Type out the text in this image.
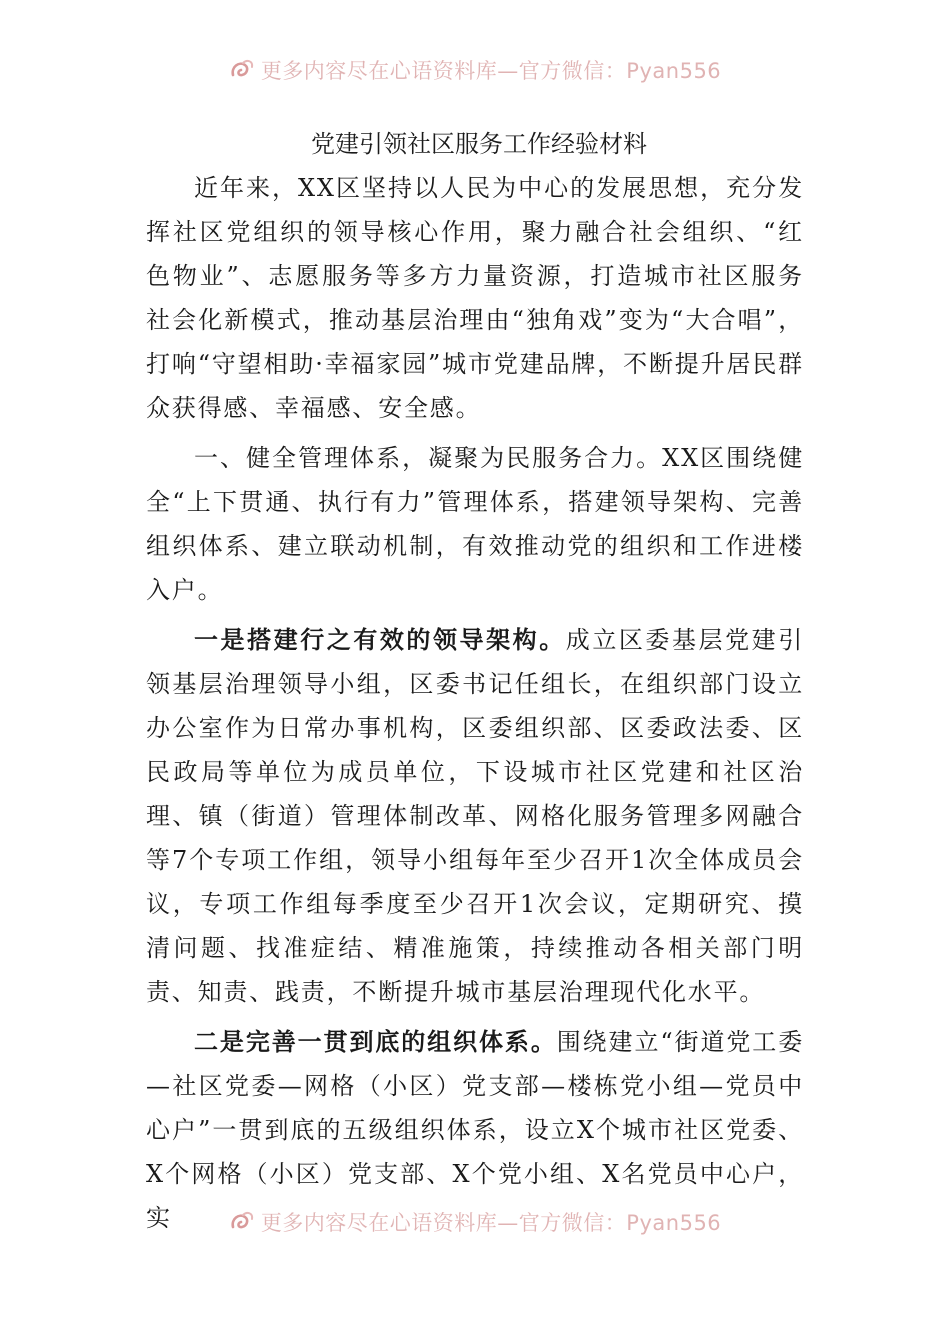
更多内容尽在心语资料库—官方微信：Pyan556
党建引领社区服务工作经验材料

近年来，XX区坚持以人民为中心的发展思想，充分发挥社区党组织的领导核心作用，聚力融合社会组织、“红色物业”、志愿服务等多方力量资源，打造城市社区服务社会化新模式，推动基层治理由“独角戏”变为“大合唱”，打响“守望相助·幸福家园”城市党建品牌，不断提升居民群众获得感、幸福感、安全感。

一、健全管理体系，凝聚为民服务合力。XX区围绕健全“上下贯通、执行有力”管理体系，搭建领导架构、完善组织体系、建立联动机制，有效推动党的组织和工作进楼入户。

一是搭建行之有效的领导架构。成立区委基层党建引领基层治理领导小组，区委书记任组长，在组织部门设立办公室作为日常办事机构，区委组织部、区委政法委、区民政局等单位为成员单位，下设城市社区党建和社区治理、镇（街道）管理体制改革、网格化服务管理多网融合等7个专项工作组，领导小组每年至少召开1次全体成员会议，专项工作组每季度至少召开1次会议，定期研究、摸清问题、找准症结、精准施策，持续推动各相关部门明责、知责、践责，不断提升城市基层治理现代化水平。

二是完善一贯到底的组织体系。围绕建立“街道党工委—社区党委—网格（小区）党支部—楼栋党小组—党员中心户”一贯到底的五级组织体系，设立X个城市社区党委、X个网格（小区）党支部、X个党小组、X名党员中心户，实	更多内容尽在心语资料库—官方微信：Pyan556
